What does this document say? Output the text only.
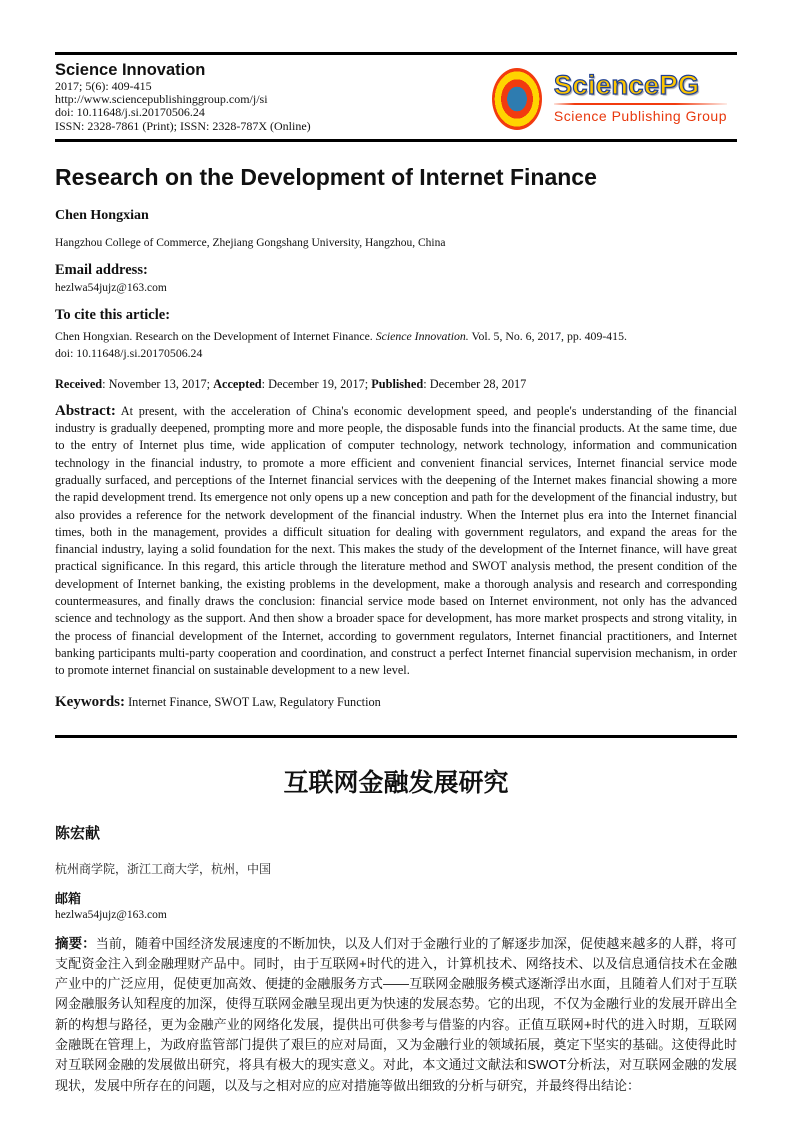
Science Innovation
2017; 5(6): 409-415
http://www.sciencepublishinggroup.com/j/si
doi: 10.11648/j.si.20170506.24
ISSN: 2328-7861 (Print); ISSN: 2328-787X (Online)
SciencePG
Science Publishing Group
Research on the Development of Internet Finance
Chen Hongxian
Hangzhou College of Commerce, Zhejiang Gongshang University, Hangzhou, China
Email address:
hezlwa54jujz@163.com
To cite this article:

Chen Hongxian. Research on the Development of Internet Finance. Science Innovation. Vol. 5, No. 6, 2017, pp. 409-415.
doi: 10.11648/j.si.20170506.24

Received: November 13, 2017; Accepted: December 19, 2017; Published: December 28, 2017

Abstract: At present, with the acceleration of China's economic development speed, and people's understanding of the financial industry is gradually deepened, prompting more and more people, the disposable funds into the financial products. At the same time, due to the entry of Internet plus time, wide application of computer technology, network technology, information and communication technology in the financial industry, to promote a more efficient and convenient financial services, Internet financial service mode gradually surfaced, and perceptions of the Internet financial services with the deepening of the Internet makes financial showing a more the rapid development trend. Its emergence not only opens up a new conception and path for the development of the financial industry, but also provides a reference for the network development of the financial industry. When the Internet plus era into the Internet financial times, both in the management, provides a difficult situation for dealing with government regulators, and expand the areas for the financial industry, laying a solid foundation for the next. This makes the study of the development of the Internet finance, will have great practical significance. In this regard, this article through the literature method and SWOT analysis method, the present condition of the development of Internet banking, the existing problems in the development, make a thorough analysis and research and corresponding countermeasures, and finally draws the conclusion: financial service mode based on Internet environment, not only has the advanced science and technology as the support. And then show a broader space for development, has more market prospects and strong vitality, in the process of financial development of the Internet, according to government regulators, Internet financial practitioners, and Internet banking participants multi-party cooperation and coordination, and construct a perfect Internet financial supervision mechanism, in order to promote internet financial on sustainable development to a new level.

Keywords: Internet Finance, SWOT Law, Regulatory Function

互联网金融发展研究
陈宏献
杭州商学院，浙江工商大学，杭州，中国
邮箱
hezlwa54jujz@163.com

摘要：当前，随着中国经济发展速度的不断加快，以及人们对于金融行业的了解逐步加深，促使越来越多的人群，将可支配资金注入到金融理财产品中。同时，由于互联网+时代的进入，计算机技术、网络技术、以及信息通信技术在金融产业中的广泛应用，促使更加高效、便捷的金融服务方式——互联网金融服务模式逐渐浮出水面，且随着人们对于互联网金融服务认知程度的加深，使得互联网金融呈现出更为快速的发展态势。它的出现，不仅为金融行业的发展开辟出全新的构想与路径，更为金融产业的网络化发展，提供出可供参考与借鉴的内容。正值互联网+时代的进入时期，互联网金融既在管理上，为政府监管部门提供了艰巨的应对局面，又为金融行业的领域拓展，奠定下坚实的基础。这使得此时对互联网金融的发展做出研究，将具有极大的现实意义。对此，本文通过文献法和SWOT分析法，对互联网金融的发展现状，发展中所存在的问题，以及与之相对应的应对措施等做出细致的分析与研究，并最终得出结论：
